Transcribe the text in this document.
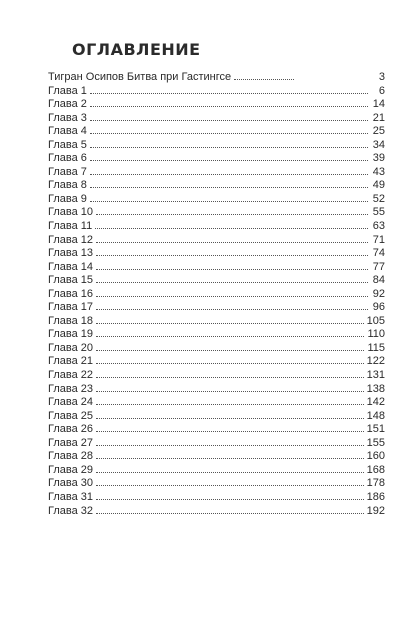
ОГЛАВЛЕНИЕ
Тигран Осипов Битва при Гастингсе	3
Глава 1	6
Глава 2	14
Глава 3	21
Глава 4	25
Глава 5	34
Глава 6	39
Глава 7	43
Глава 8	49
Глава 9	52
Глава 10	55
Глава 11	63
Глава 12	71
Глава 13	74
Глава 14	77
Глава 15	84
Глава 16	92
Глава 17	96
Глава 18	105
Глава 19	110
Глава 20	115
Глава 21	122
Глава 22	131
Глава 23	138
Глава 24	142
Глава 25	148
Глава 26	151
Глава 27	155
Глава 28	160
Глава 29	168
Глава 30	178
Глава 31	186
Глава 32	192
